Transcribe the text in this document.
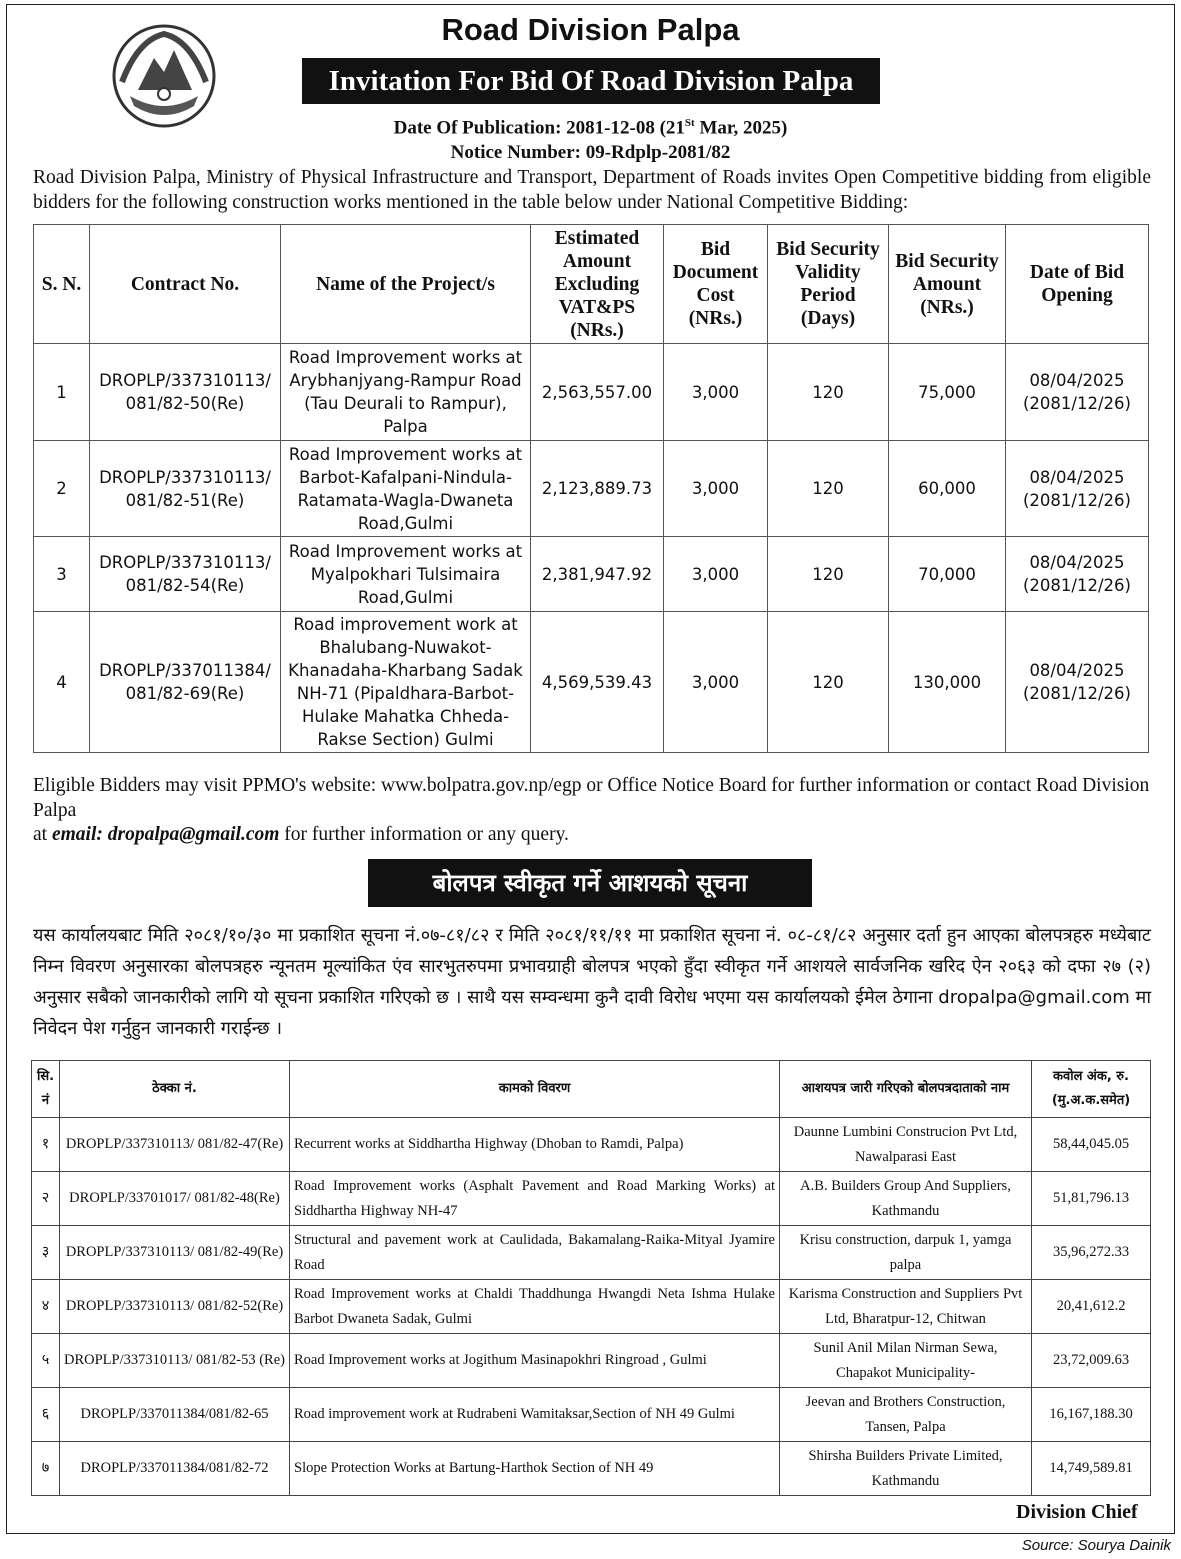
Road Division Palpa
Invitation For Bid Of Road Division Palpa
Date Of Publication: 2081-12-08 (21St Mar, 2025)
Notice Number: 09-Rdplp-2081/82
Road Division Palpa, Ministry of Physical Infrastructure and Transport, Department of Roads invites Open Competitive bidding from eligible bidders for the following construction works mentioned in the table below under National Competitive Bidding:
S. N.	Contract No.	Name of the Project/s	Estimated Amount Excluding VAT&PS (NRs.)	Bid Document Cost (NRs.)	Bid Security Validity Period (Days)	Bid Security Amount (NRs.)	Date of Bid Opening
1	DROPLP/337310113/ 081/82-50(Re)	Road Improvement works at Arybhanjyang-Rampur Road (Tau Deurali to Rampur), Palpa	2,563,557.00	3,000	120	75,000	08/04/2025 (2081/12/26)
2	DROPLP/337310113/ 081/82-51(Re)	Road Improvement works at Barbot-Kafalpani-Nindula-Ratamata-Wagla-Dwaneta Road,Gulmi	2,123,889.73	3,000	120	60,000	08/04/2025 (2081/12/26)
3	DROPLP/337310113/ 081/82-54(Re)	Road Improvement works at Myalpokhari Tulsimaira Road,Gulmi	2,381,947.92	3,000	120	70,000	08/04/2025 (2081/12/26)
4	DROPLP/337011384/ 081/82-69(Re)	Road improvement work at Bhalubang-Nuwakot-Khanadaha-Kharbang Sadak NH-71 (Pipaldhara-Barbot-Hulake Mahatka Chheda-Rakse Section) Gulmi	4,569,539.43	3,000	120	130,000	08/04/2025 (2081/12/26)
Eligible Bidders may visit PPMO's website: www.bolpatra.gov.np/egp or Office Notice Board for further information or contact Road Division Palpa
at email: dropalpa@gmail.com for further information or any query.
बोलपत्र स्वीकृत गर्ने आशयको सूचना
यस कार्यालयबाट मिति २०८१/१०/३० मा प्रकाशित सूचना नं.०७-८१/८२ र मिति २०८१/११/११ मा प्रकाशित सूचना नं. ०८-८१/८२ अनुसार दर्ता हुन आएका बोलपत्रहरु मध्येबाट निम्न विवरण अनुसारका बोलपत्रहरु न्यूनतम मूल्यांकित एंव सारभुतरुपमा प्रभावग्राही बोलपत्र भएको हुँदा स्वीकृत गर्ने आशयले सार्वजनिक खरिद ऐन २०६३ को दफा २७ (२) अनुसार सबैको जानकारीको लागि यो सूचना प्रकाशित गरिएको छ । साथै यस सम्वन्धमा कुनै दावी विरोध भएमा यस कार्यालयको ईमेल ठेगाना dropalpa@gmail.com मा निवेदन पेश गर्नुहुन जानकारी गराईन्छ ।
सि. नं	ठेक्का नं.	कामको विवरण	आशयपत्र जारी गरिएको बोलपत्रदाताको नाम	कवोल अंक, रु. (मु.अ.क.समेत)
१	DROPLP/337310113/ 081/82-47(Re)	Recurrent works at Siddhartha Highway (Dhoban to Ramdi, Palpa)	Daunne Lumbini Construcion Pvt Ltd, Nawalparasi East	58,44,045.05
२	DROPLP/33701017/ 081/82-48(Re)	Road Improvement works (Asphalt Pavement and Road Marking Works) at Siddhartha Highway NH-47	A.B. Builders Group And Suppliers, Kathmandu	51,81,796.13
३	DROPLP/337310113/ 081/82-49(Re)	Structural and pavement work at Caulidada, Bakamalang-Raika-Mityal Jyamire Road	Krisu construction, darpuk 1, yamga palpa	35,96,272.33
४	DROPLP/337310113/ 081/82-52(Re)	Road Improvement works at Chaldi Thaddhunga Hwangdi Neta Ishma Hulake Barbot Dwaneta Sadak, Gulmi	Karisma Construction and Suppliers Pvt Ltd, Bharatpur-12, Chitwan	20,41,612.2
५	DROPLP/337310113/ 081/82-53 (Re)	Road Improvement works at Jogithum Masinapokhri Ringroad , Gulmi	Sunil Anil Milan Nirman Sewa, Chapakot Municipality-	23,72,009.63
६	DROPLP/337011384/081/82-65	Road improvement work at Rudrabeni Wamitaksar,Section of NH 49 Gulmi	Jeevan and Brothers Construction, Tansen, Palpa	16,167,188.30
७	DROPLP/337011384/081/82-72	Slope Protection Works at Bartung-Harthok Section of NH 49	Shirsha Builders Private Limited, Kathmandu	14,749,589.81
Division Chief
Source: Sourya Dainik
